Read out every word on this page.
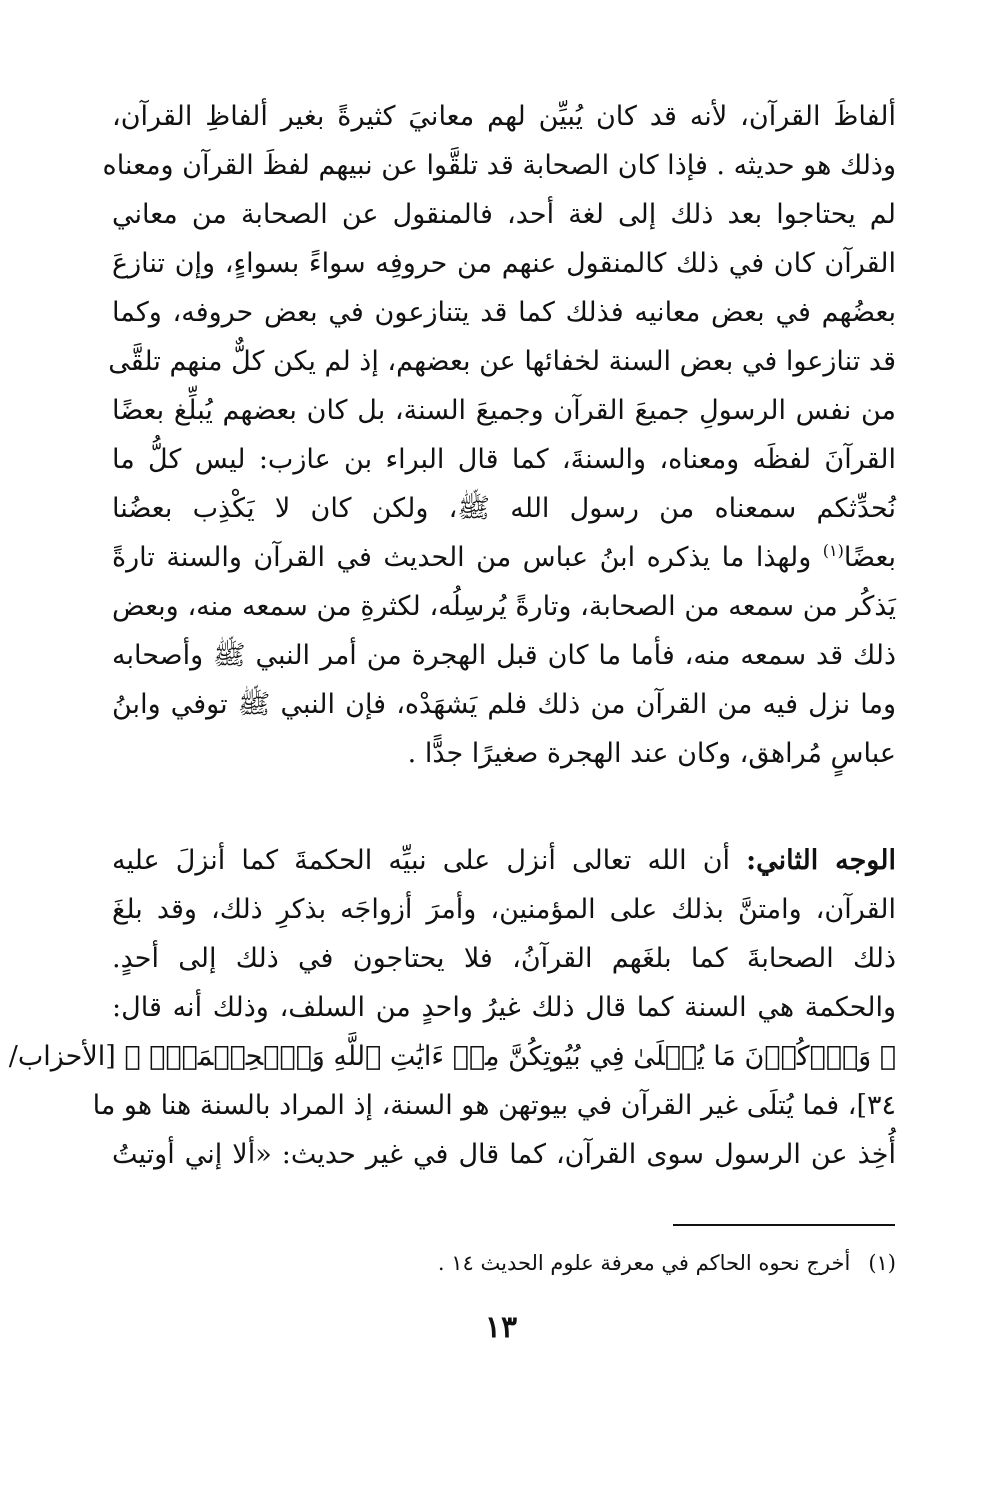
ألفاظَ القرآن، لأنه قد كان يُبيِّن لهم معانيَ كثيرةً بغير ألفاظِ القرآن،
وذلك هو حديثه . فإذا كان الصحابة قد تلقَّوا عن نبيهم لفظَ القرآن ومعناه
لم يحتاجوا بعد ذلك إلى لغة أحد، فالمنقول عن الصحابة من معاني
القرآن كان في ذلك كالمنقول عنهم من حروفِه سواءً بسواءٍ، وإن تنازعَ
بعضُهم في بعض معانيه فذلك كما قد يتنازعون في بعض حروفه، وكما
قد تنازعوا في بعض السنة لخفائها عن بعضهم، إذ لم يكن كلٌّ منهم تلقَّى
من نفس الرسولِ جميعَ القرآن وجميعَ السنة، بل كان بعضهم يُبلِّغ بعضًا
القرآنَ لفظَه ومعناه، والسنةَ، كما قال البراء بن عازب: ليس كلُّ ما
نُحدِّثكم سمعناه من رسول الله ﷺ، ولكن كان لا يَكْذِب بعضُنا
بعضًا$^{(١)}$ ولهذا ما يذكره ابنُ عباس من الحديث في القرآن والسنة تارةً
يَذكُر من سمعه من الصحابة، وتارةً يُرسِلُه، لكثرةِ من سمعه منه، وبعض
ذلك قد سمعه منه، فأما ما كان قبل الهجرة من أمر النبي ﷺ وأصحابه
وما نزل فيه من القرآن من ذلك فلم يَشهَدْه، فإن النبي ﷺ توفي وابنُ
عباسٍ مُراهق، وكان عند الهجرة صغيرًا جدًّا .
الوجه الثاني: أن الله تعالى أنزل على نبيِّه الحكمةَ كما أنزلَ عليه
القرآن، وامتنَّ بذلك على المؤمنين، وأمرَ أزواجَه بذكرِ ذلك، وقد بلغَ
ذلك الصحابةَ كما بلغَهم القرآنُ، فلا يحتاجون في ذلك إلى أحدٍ.
والحكمة هي السنة كما قال ذلك غيرُ واحدٍ من السلف، وذلك أنه قال:
﴿ وَٱذۡكُرۡنَ مَا يُتۡلَىٰ فِي بُيُوتِكُنَّ مِنۡ ءَايَٰتِ ٱللَّهِ وَٱلۡحِكۡمَةِۚ ﴾ [الأحزاب/
٣٤]، فما يُتلَى غير القرآن في بيوتهن هو السنة، إذ المراد بالسنة هنا هو ما
أُخِذ عن الرسول سوى القرآن، كما قال في غير حديث: «ألا إني أوتيتُ
(١)أخرج نحوه الحاكم في معرفة علوم الحديث ١٤ .
١٣
